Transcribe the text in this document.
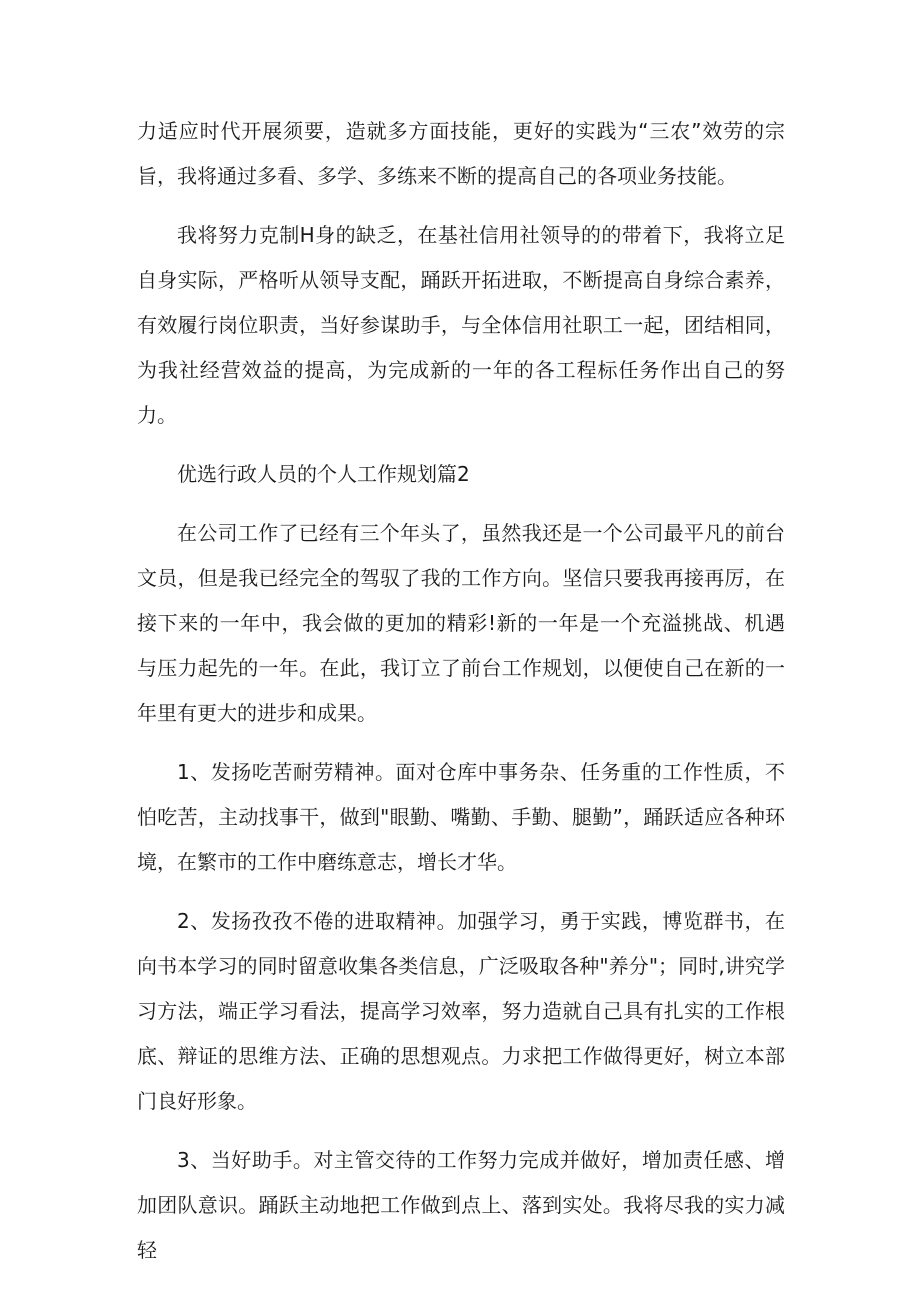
力适应时代开展须要，造就多方面技能，更好的实践为“三农”效劳的宗旨，我将通过多看、多学、多练来不断的提高自己的各项业务技能。

我将努力克制H身的缺乏，在基社信用社领导的的带着下，我将立足自身实际，严格听从领导支配，踊跃开拓进取，不断提高自身综合素养，有效履行岗位职责，当好参谋助手，与全体信用社职工一起，团结相同，为我社经营效益的提高，为完成新的一年的各工程标任务作出自己的努力。

优选行政人员的个人工作规划篇2

在公司工作了已经有三个年头了，虽然我还是一个公司最平凡的前台文员，但是我已经完全的驾驭了我的工作方向。坚信只要我再接再厉，在接下来的一年中，我会做的更加的精彩!新的一年是一个充溢挑战、机遇与压力起先的一年。在此，我订立了前台工作规划，以便使自己在新的一年里有更大的进步和成果。

1、发扬吃苦耐劳精神。面对仓库中事务杂、任务重的工作性质，不怕吃苦，主动找事干，做到"眼勤、嘴勤、手勤、腿勤”，踊跃适应各种环境，在繁市的工作中磨练意志，增长才华。

2、发扬孜孜不倦的进取精神。加强学习，勇于实践，博览群书，在向书本学习的同时留意收集各类信息，广泛吸取各种"养分"；同时,讲究学习方法，端正学习看法，提高学习效率，努力造就自己具有扎实的工作根底、辩证的思维方法、正确的思想观点。力求把工作做得更好，树立本部门良好形象。

3、当好助手。对主管交待的工作努力完成并做好，增加责任感、增加团队意识。踊跃主动地把工作做到点上、落到实处。我将尽我的实力减轻
